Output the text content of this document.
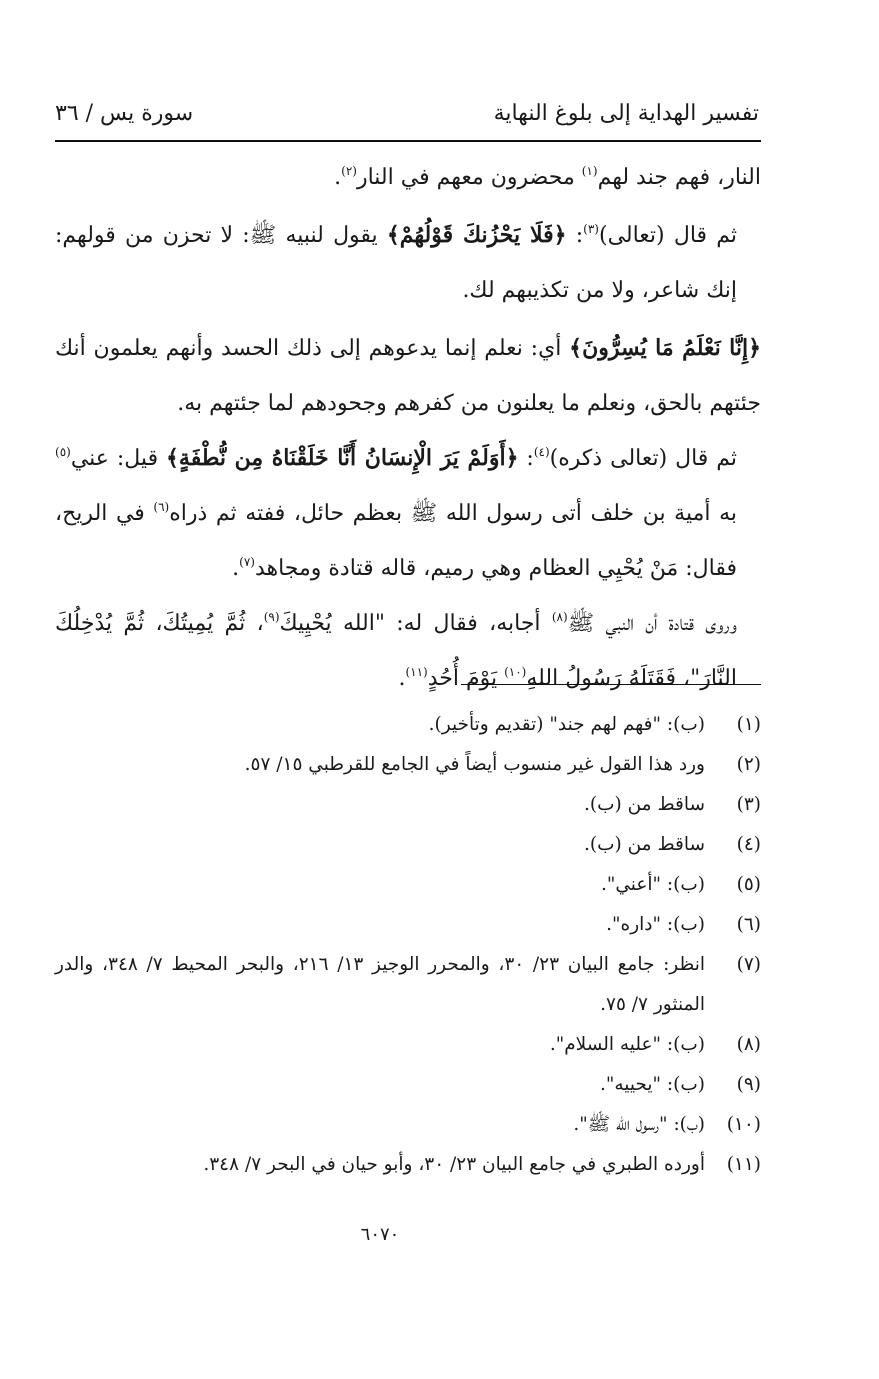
تفسير الهداية إلى بلوغ النهاية
سورة يس / ٣٦

النار، فهم جند لهم$^{(١)}$ محضرون معهم في النار$^{(٢)}$.

ثم قال (تعالى)$^{(٣)}$: ﴿فَلَا يَحْزُنكَ قَوْلُهُمْ﴾ يقول لنبيه ﷺ: لا تحزن من قولهم: إنك شاعر، ولا من تكذيبهم لك.

﴿إِنَّا نَعْلَمُ مَا يُسِرُّونَ﴾ أي: نعلم إنما يدعوهم إلى ذلك الحسد وأنهم يعلمون أنك جئتهم بالحق، ونعلم ما يعلنون من كفرهم وجحودهم لما جئتهم به.

ثم قال (تعالى ذكره)$^{(٤)}$: ﴿أَوَلَمْ يَرَ الْإِنسَانُ أَنَّا خَلَقْنَاهُ مِن نُّطْفَةٍ﴾ قيل: عني$^{(٥)}$ به أمية بن خلف أتى رسول الله ﷺ بعظم حائل، ففته ثم ذراه$^{(٦)}$ في الريح، فقال: مَنْ يُحْيِي العظام وهي رميم، قاله قتادة ومجاهد$^{(٧)}$.

وروى قتادة أن النبي ﷺ$^{(٨)}$ أجابه، فقال له: "الله يُحْيِيكَ$^{(٩)}$، ثُمَّ يُمِيتُكَ، ثُمَّ يُدْخِلُكَ النَّارَ"، فَقَتَلَهُ رَسُولُ اللهِ$^{(١٠)}$ يَوْمَ أُحُدٍ$^{(١١)}$.

(١)
(ب): "فهم لهم جند" (تقديم وتأخير).
(٢)
ورد هذا القول غير منسوب أيضاً في الجامع للقرطبي ١٥/ ٥٧.
(٣)
ساقط من (ب).
(٤)
ساقط من (ب).
(٥)
(ب): "أعني".
(٦)
(ب): "داره".
(٧)
انظر: جامع البيان ٢٣/ ٣٠، والمحرر الوجيز ١٣/ ٢١٦، والبحر المحيط ٧/ ٣٤٨، والدر المنثور ٧/ ٧٥.
(٨)
(ب): "عليه السلام".
(٩)
(ب): "يحييه".
(١٠)
(ب): "رسول الله ﷺ".
(١١)
أورده الطبري في جامع البيان ٢٣/ ٣٠، وأبو حيان في البحر ٧/ ٣٤٨.
٦٠٧٠
